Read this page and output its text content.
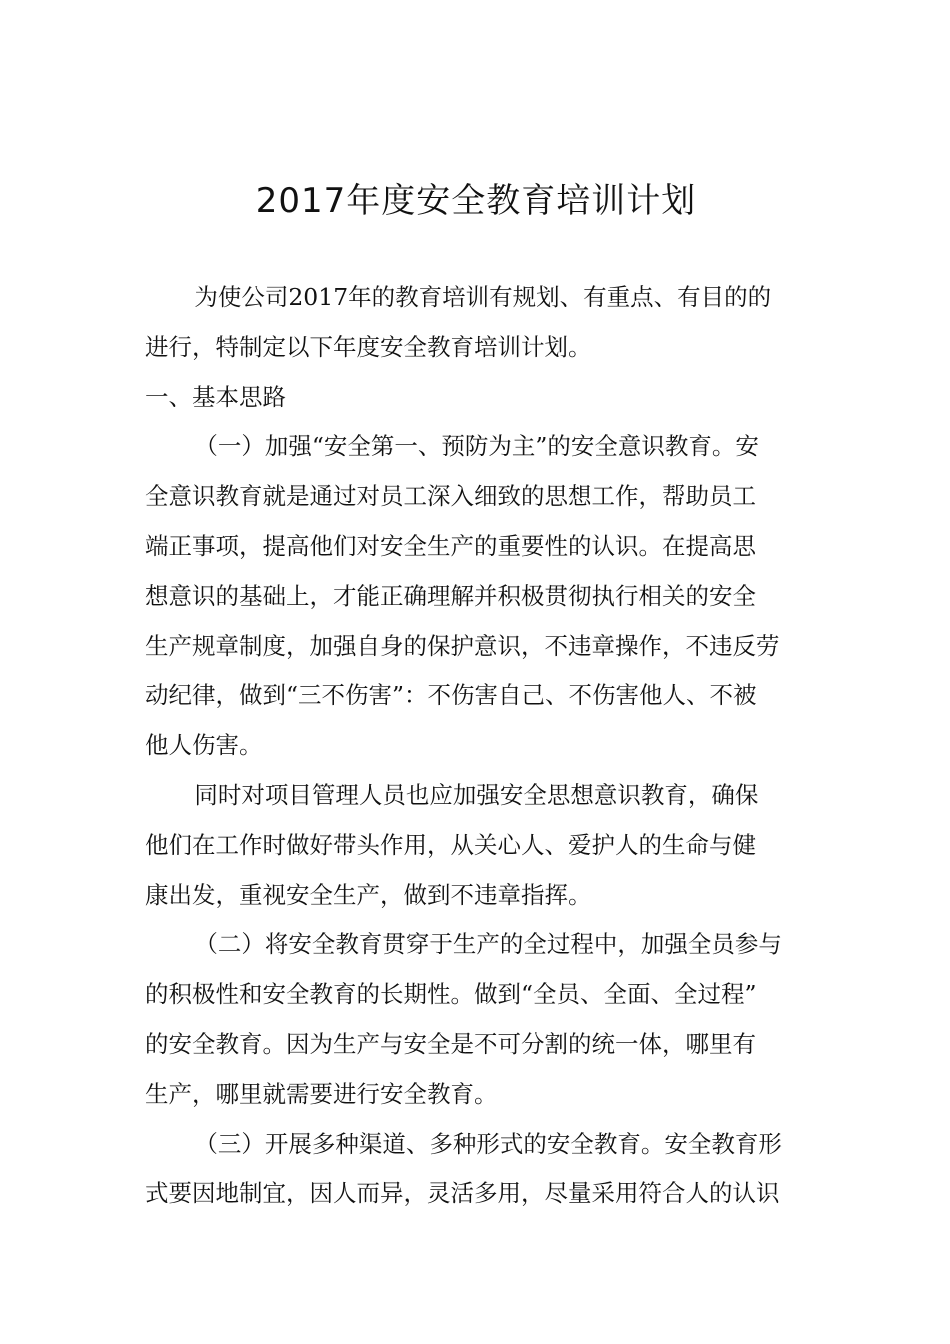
2017年度安全教育培训计划

为使公司2017年的教育培训有规划、有重点、有目的的
进行，特制定以下年度安全教育培训计划。

一、基本思路

（一）加强“安全第一、预防为主”的安全意识教育。安
全意识教育就是通过对员工深入细致的思想工作，帮助员工
端正事项，提高他们对安全生产的重要性的认识。在提高思
想意识的基础上，才能正确理解并积极贯彻执行相关的安全
生产规章制度，加强自身的保护意识，不违章操作，不违反劳
动纪律，做到“三不伤害”：不伤害自己、不伤害他人、不被
他人伤害。

同时对项目管理人员也应加强安全思想意识教育，确保
他们在工作时做好带头作用，从关心人、爱护人的生命与健
康出发，重视安全生产，做到不违章指挥。

（二）将安全教育贯穿于生产的全过程中，加强全员参与
的积极性和安全教育的长期性。做到“全员、全面、全过程”
的安全教育。因为生产与安全是不可分割的统一体，哪里有
生产，哪里就需要进行安全教育。

（三）开展多种渠道、多种形式的安全教育。安全教育形
式要因地制宜，因人而异，灵活多用，尽量采用符合人的认识
